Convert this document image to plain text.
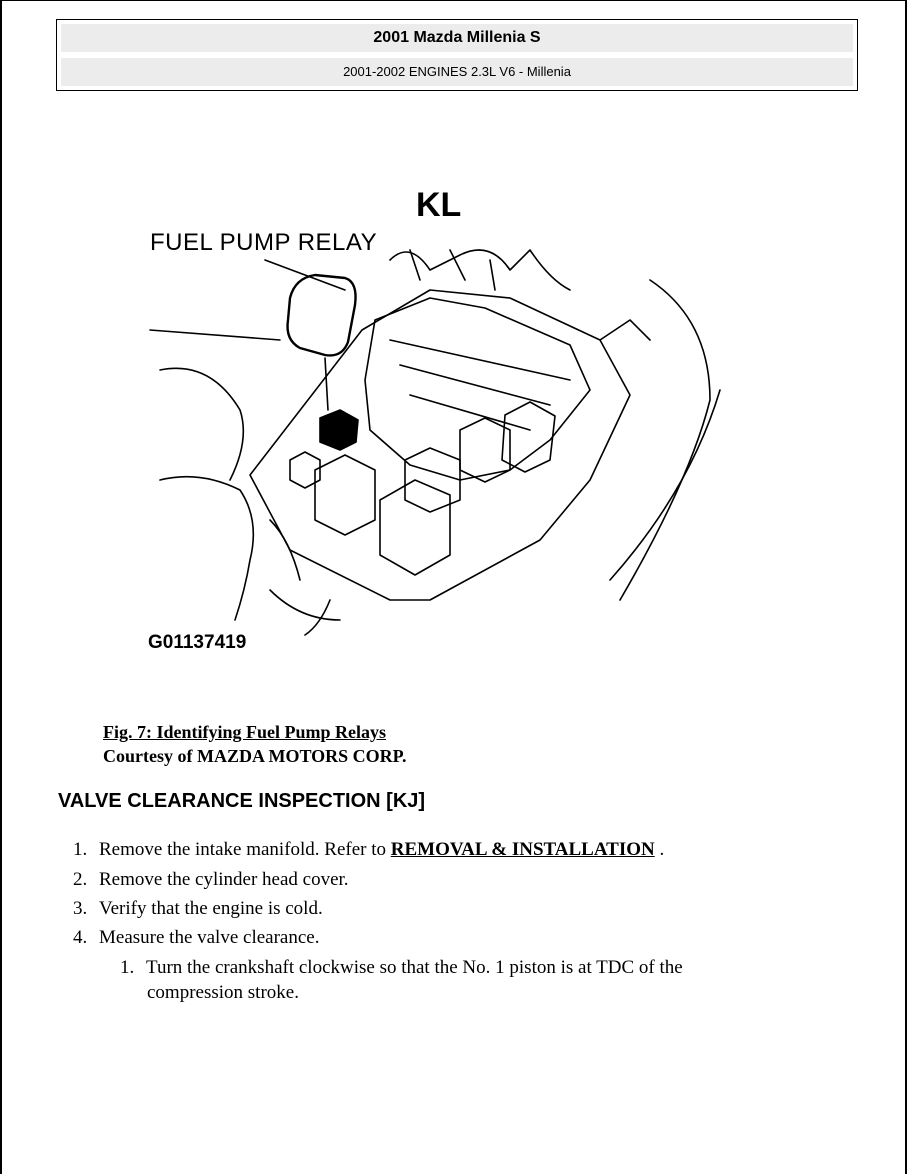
2001 Mazda Millenia S
2001-2002 ENGINES 2.3L V6 - Millenia
KL
FUEL PUMP RELAY
G01137419
Fig. 7: Identifying Fuel Pump Relays
Courtesy of MAZDA MOTORS CORP.
VALVE CLEARANCE INSPECTION [KJ]
1. Remove the intake manifold. Refer to REMOVAL & INSTALLATION .
2. Remove the cylinder head cover.
3. Verify that the engine is cold.
4. Measure the valve clearance.
1. Turn the crankshaft clockwise so that the No. 1 piston is at TDC of the
compression stroke.
